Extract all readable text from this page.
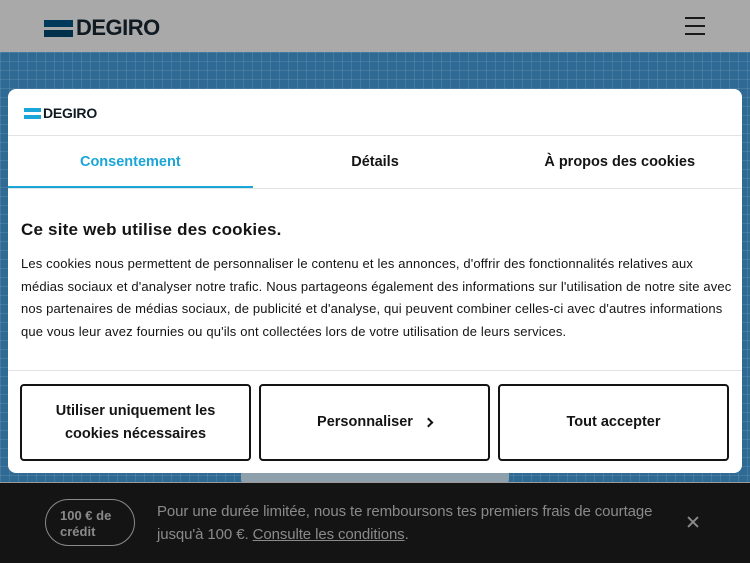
DEGIRO
DEGIRO
Consentement	Détails	À propos des cookies
Ce site web utilise des cookies.
Les cookies nous permettent de personnaliser le contenu et les annonces, d'offrir des fonctionnalités relatives aux médias sociaux et d'analyser notre trafic. Nous partageons également des informations sur l'utilisation de notre site avec nos partenaires de médias sociaux, de publicité et d'analyse, qui peuvent combiner celles-ci avec d'autres informations que vous leur avez fournies ou qu'ils ont collectées lors de votre utilisation de leurs services.
Utiliser uniquement les cookies nécessaires
Personnaliser	Tout accepter
100 € de crédit
Pour une durée limitée, nous te remboursons tes premiers frais de courtage jusqu'à 100 €. Consulte les conditions.
